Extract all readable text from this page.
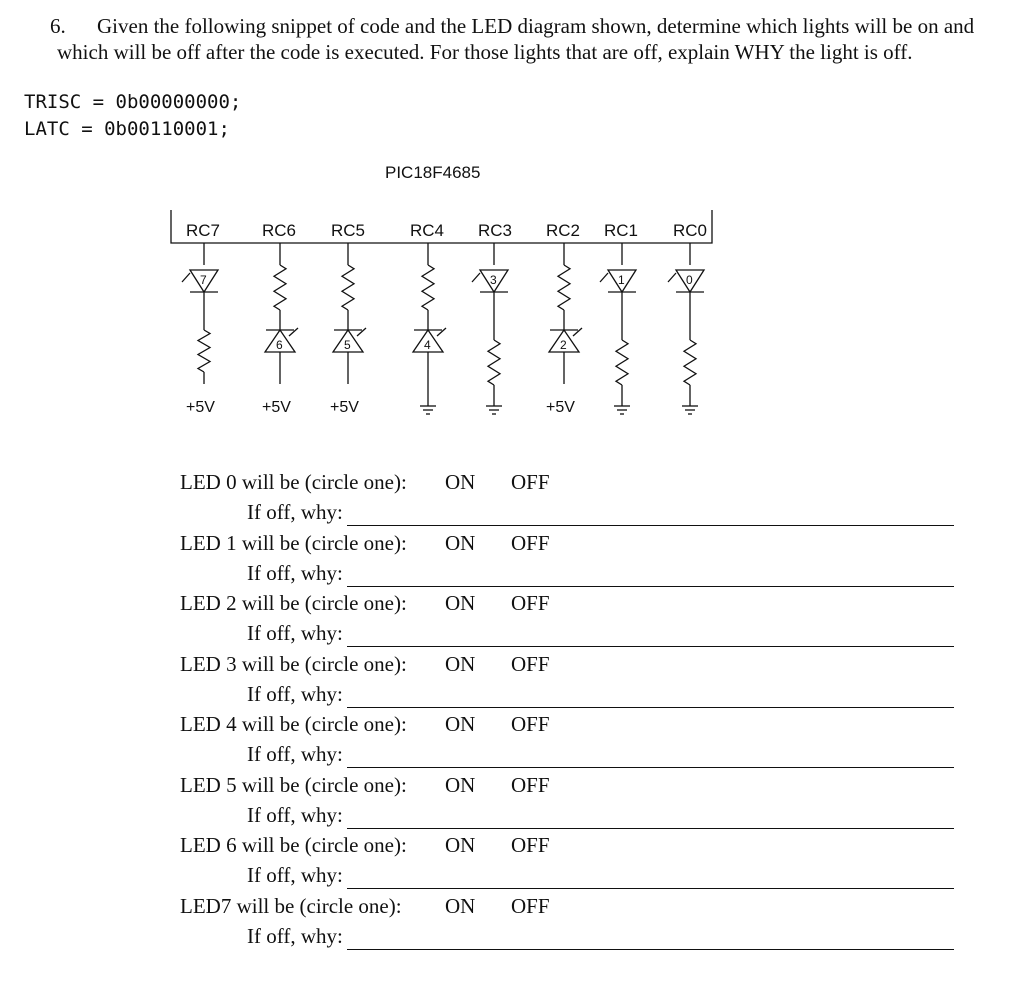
6. Given the following snippet of code and the LED diagram shown, determine which lights will be on and
which will be off after the code is executed. For those lights that are off, explain WHY the light is off.
TRISC = 0b00000000;
LATC = 0b00110001;
PIC18F4685
RC7 RC6 RC5	RC4 RC3 RC2 RC1 RC0
7
+5V
6
+5V
5
+5V
4
3
2
+5V
1	0
LED 0 will be (circle one): ON OFF
If off, why:
LED 1 will be (circle one): ON OFF
If off, why:
LED 2 will be (circle one): ON OFF
If off, why:
LED 3 will be (circle one): ON OFF
If off, why:
LED 4 will be (circle one): ON OFF
If off, why:
LED 5 will be (circle one): ON OFF
If off, why:
LED 6 will be (circle one): ON OFF
If off, why:
LED7 will be (circle one): ON OFF
If off, why:
